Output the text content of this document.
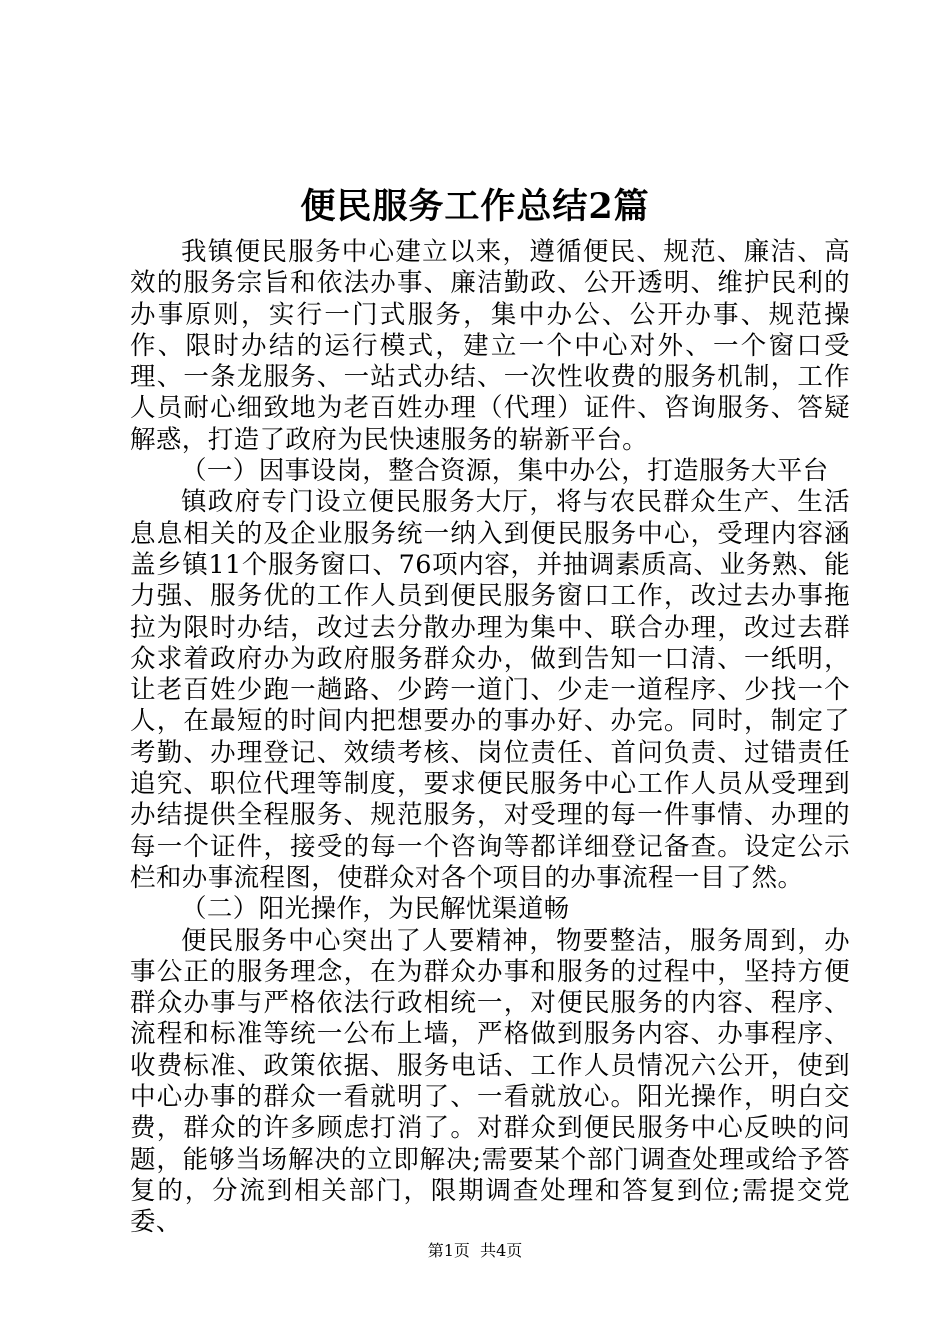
便民服务工作总结2篇

我镇便民服务中心建立以来，遵循便民、规范、廉洁、高效的服务宗旨和依法办事、廉洁勤政、公开透明、维护民利的办事原则，实行一门式服务，集中办公、公开办事、规范操作、限时办结的运行模式，建立一个中心对外、一个窗口受理、一条龙服务、一站式办结、一次性收费的服务机制，工作人员耐心细致地为老百姓办理（代理）证件、咨询服务、答疑解惑，打造了政府为民快速服务的崭新平台。

（一）因事设岗，整合资源，集中办公，打造服务大平台

镇政府专门设立便民服务大厅，将与农民群众生产、生活息息相关的及企业服务统一纳入到便民服务中心，受理内容涵盖乡镇11个服务窗口、76项内容，并抽调素质高、业务熟、能力强、服务优的工作人员到便民服务窗口工作，改过去办事拖拉为限时办结，改过去分散办理为集中、联合办理，改过去群众求着政府办为政府服务群众办，做到告知一口清、一纸明，让老百姓少跑一趟路、少跨一道门、少走一道程序、少找一个人，在最短的时间内把想要办的事办好、办完。同时，制定了考勤、办理登记、效绩考核、岗位责任、首问负责、过错责任追究、职位代理等制度，要求便民服务中心工作人员从受理到办结提供全程服务、规范服务，对受理的每一件事情、办理的每一个证件，接受的每一个咨询等都详细登记备查。设定公示栏和办事流程图，使群众对各个项目的办事流程一目了然。

（二）阳光操作，为民解忧渠道畅

便民服务中心突出了人要精神，物要整洁，服务周到，办事公正的服务理念，在为群众办事和服务的过程中，坚持方便群众办事与严格依法行政相统一，对便民服务的内容、程序、流程和标准等统一公布上墙，严格做到服务内容、办事程序、收费标准、政策依据、服务电话、工作人员情况六公开，使到中心办事的群众一看就明了、一看就放心。阳光操作，明白交费，群众的许多顾虑打消了。对群众到便民服务中心反映的问题，能够当场解决的立即解决;需要某个部门调查处理或给予答复的，分流到相关部门，限期调查处理和答复到位;需提交党委、

第1页  共4页
